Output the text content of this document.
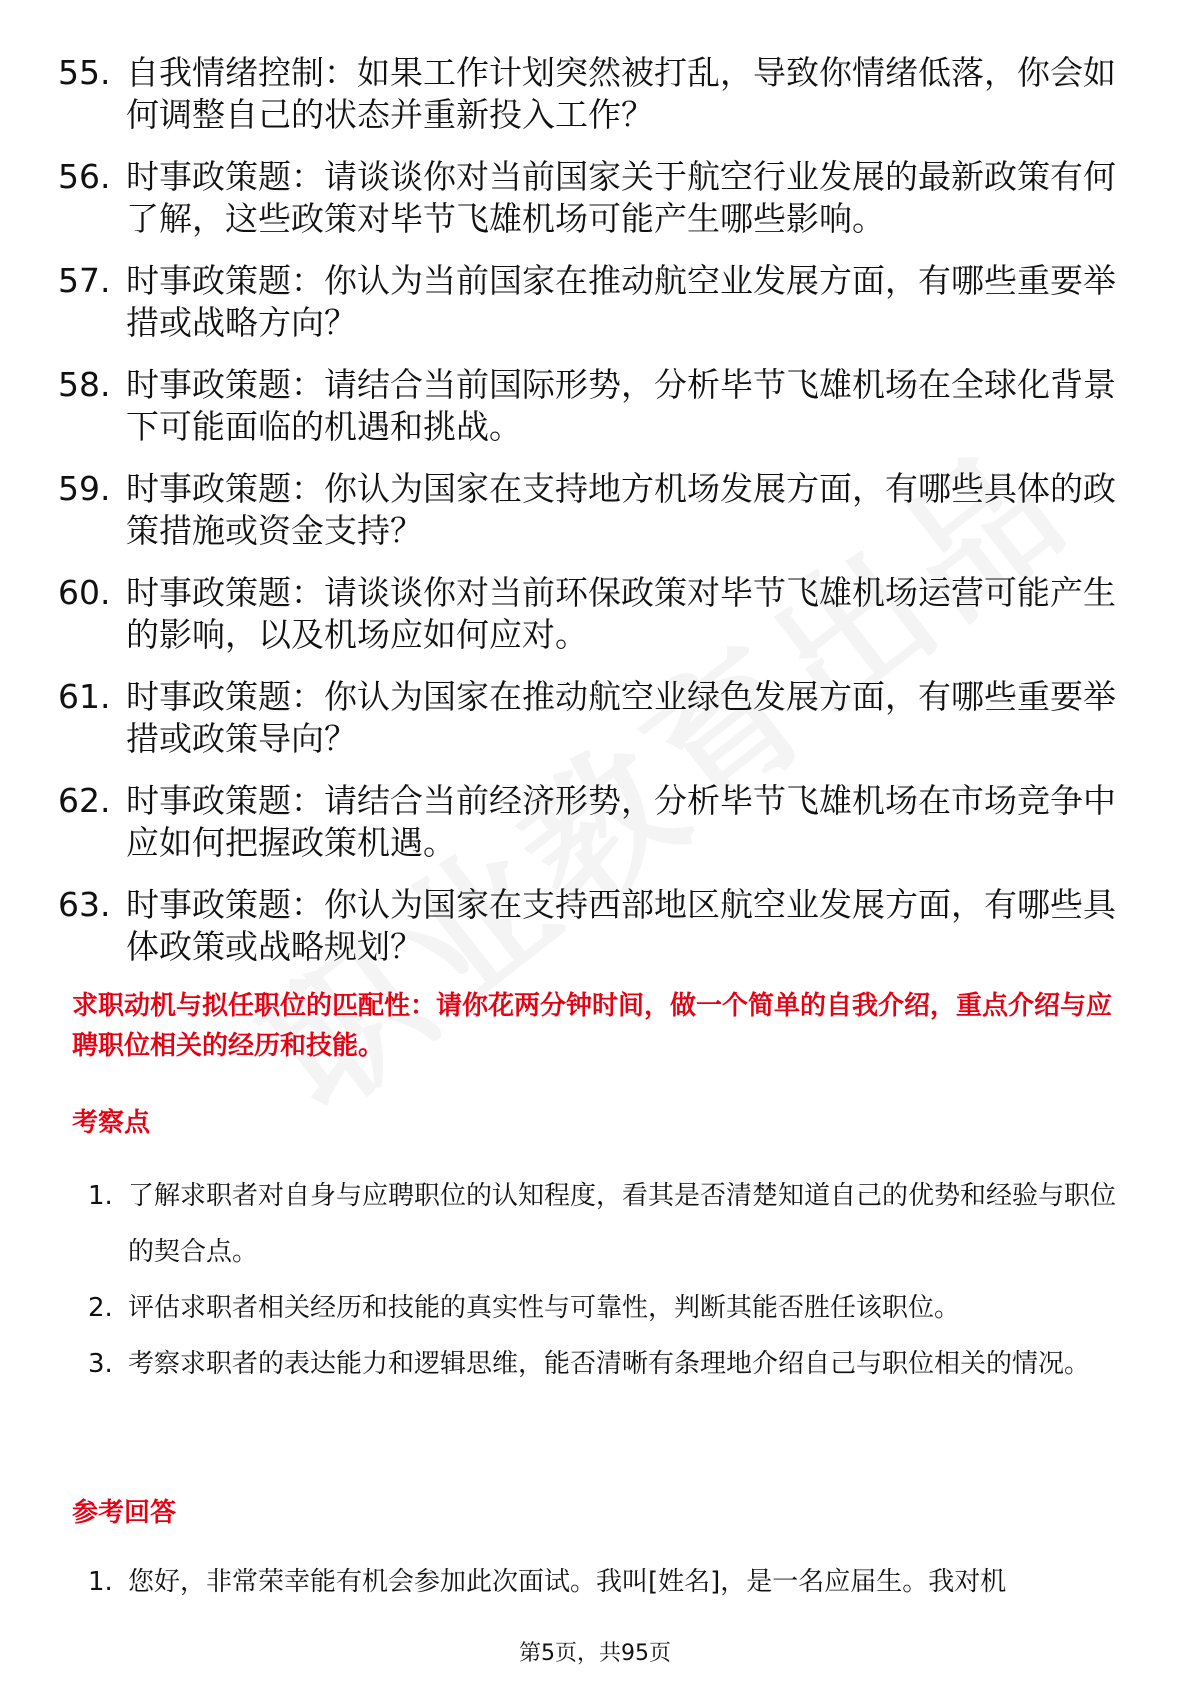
55. 自我情绪控制：如果工作计划突然被打乱，导致你情绪低落，你会如何调整自己的状态并重新投入工作？
56. 时事政策题：请谈谈你对当前国家关于航空行业发展的最新政策有何了解，这些政策对毕节飞雄机场可能产生哪些影响。
57. 时事政策题：你认为当前国家在推动航空业发展方面，有哪些重要举措或战略方向？
58. 时事政策题：请结合当前国际形势，分析毕节飞雄机场在全球化背景下可能面临的机遇和挑战。
59. 时事政策题：你认为国家在支持地方机场发展方面，有哪些具体的政策措施或资金支持？
60. 时事政策题：请谈谈你对当前环保政策对毕节飞雄机场运营可能产生的影响，以及机场应如何应对。
61. 时事政策题：你认为国家在推动航空业绿色发展方面，有哪些重要举措或政策导向？
62. 时事政策题：请结合当前经济形势，分析毕节飞雄机场在市场竞争中应如何把握政策机遇。
63. 时事政策题：你认为国家在支持西部地区航空业发展方面，有哪些具体政策或战略规划？
求职动机与拟任职位的匹配性：请你花两分钟时间，做一个简单的自我介绍，重点介绍与应聘职位相关的经历和技能。
考察点
1. 了解求职者对自身与应聘职位的认知程度，看其是否清楚知道自己的优势和经验与职位的契合点。
2. 评估求职者相关经历和技能的真实性与可靠性，判断其能否胜任该职位。
3. 考察求职者的表达能力和逻辑思维，能否清晰有条理地介绍自己与职位相关的情况。
参考回答
1. 您好，非常荣幸能有机会参加此次面试。我叫[姓名]，是一名应届生。我对机
第5页，共95页
